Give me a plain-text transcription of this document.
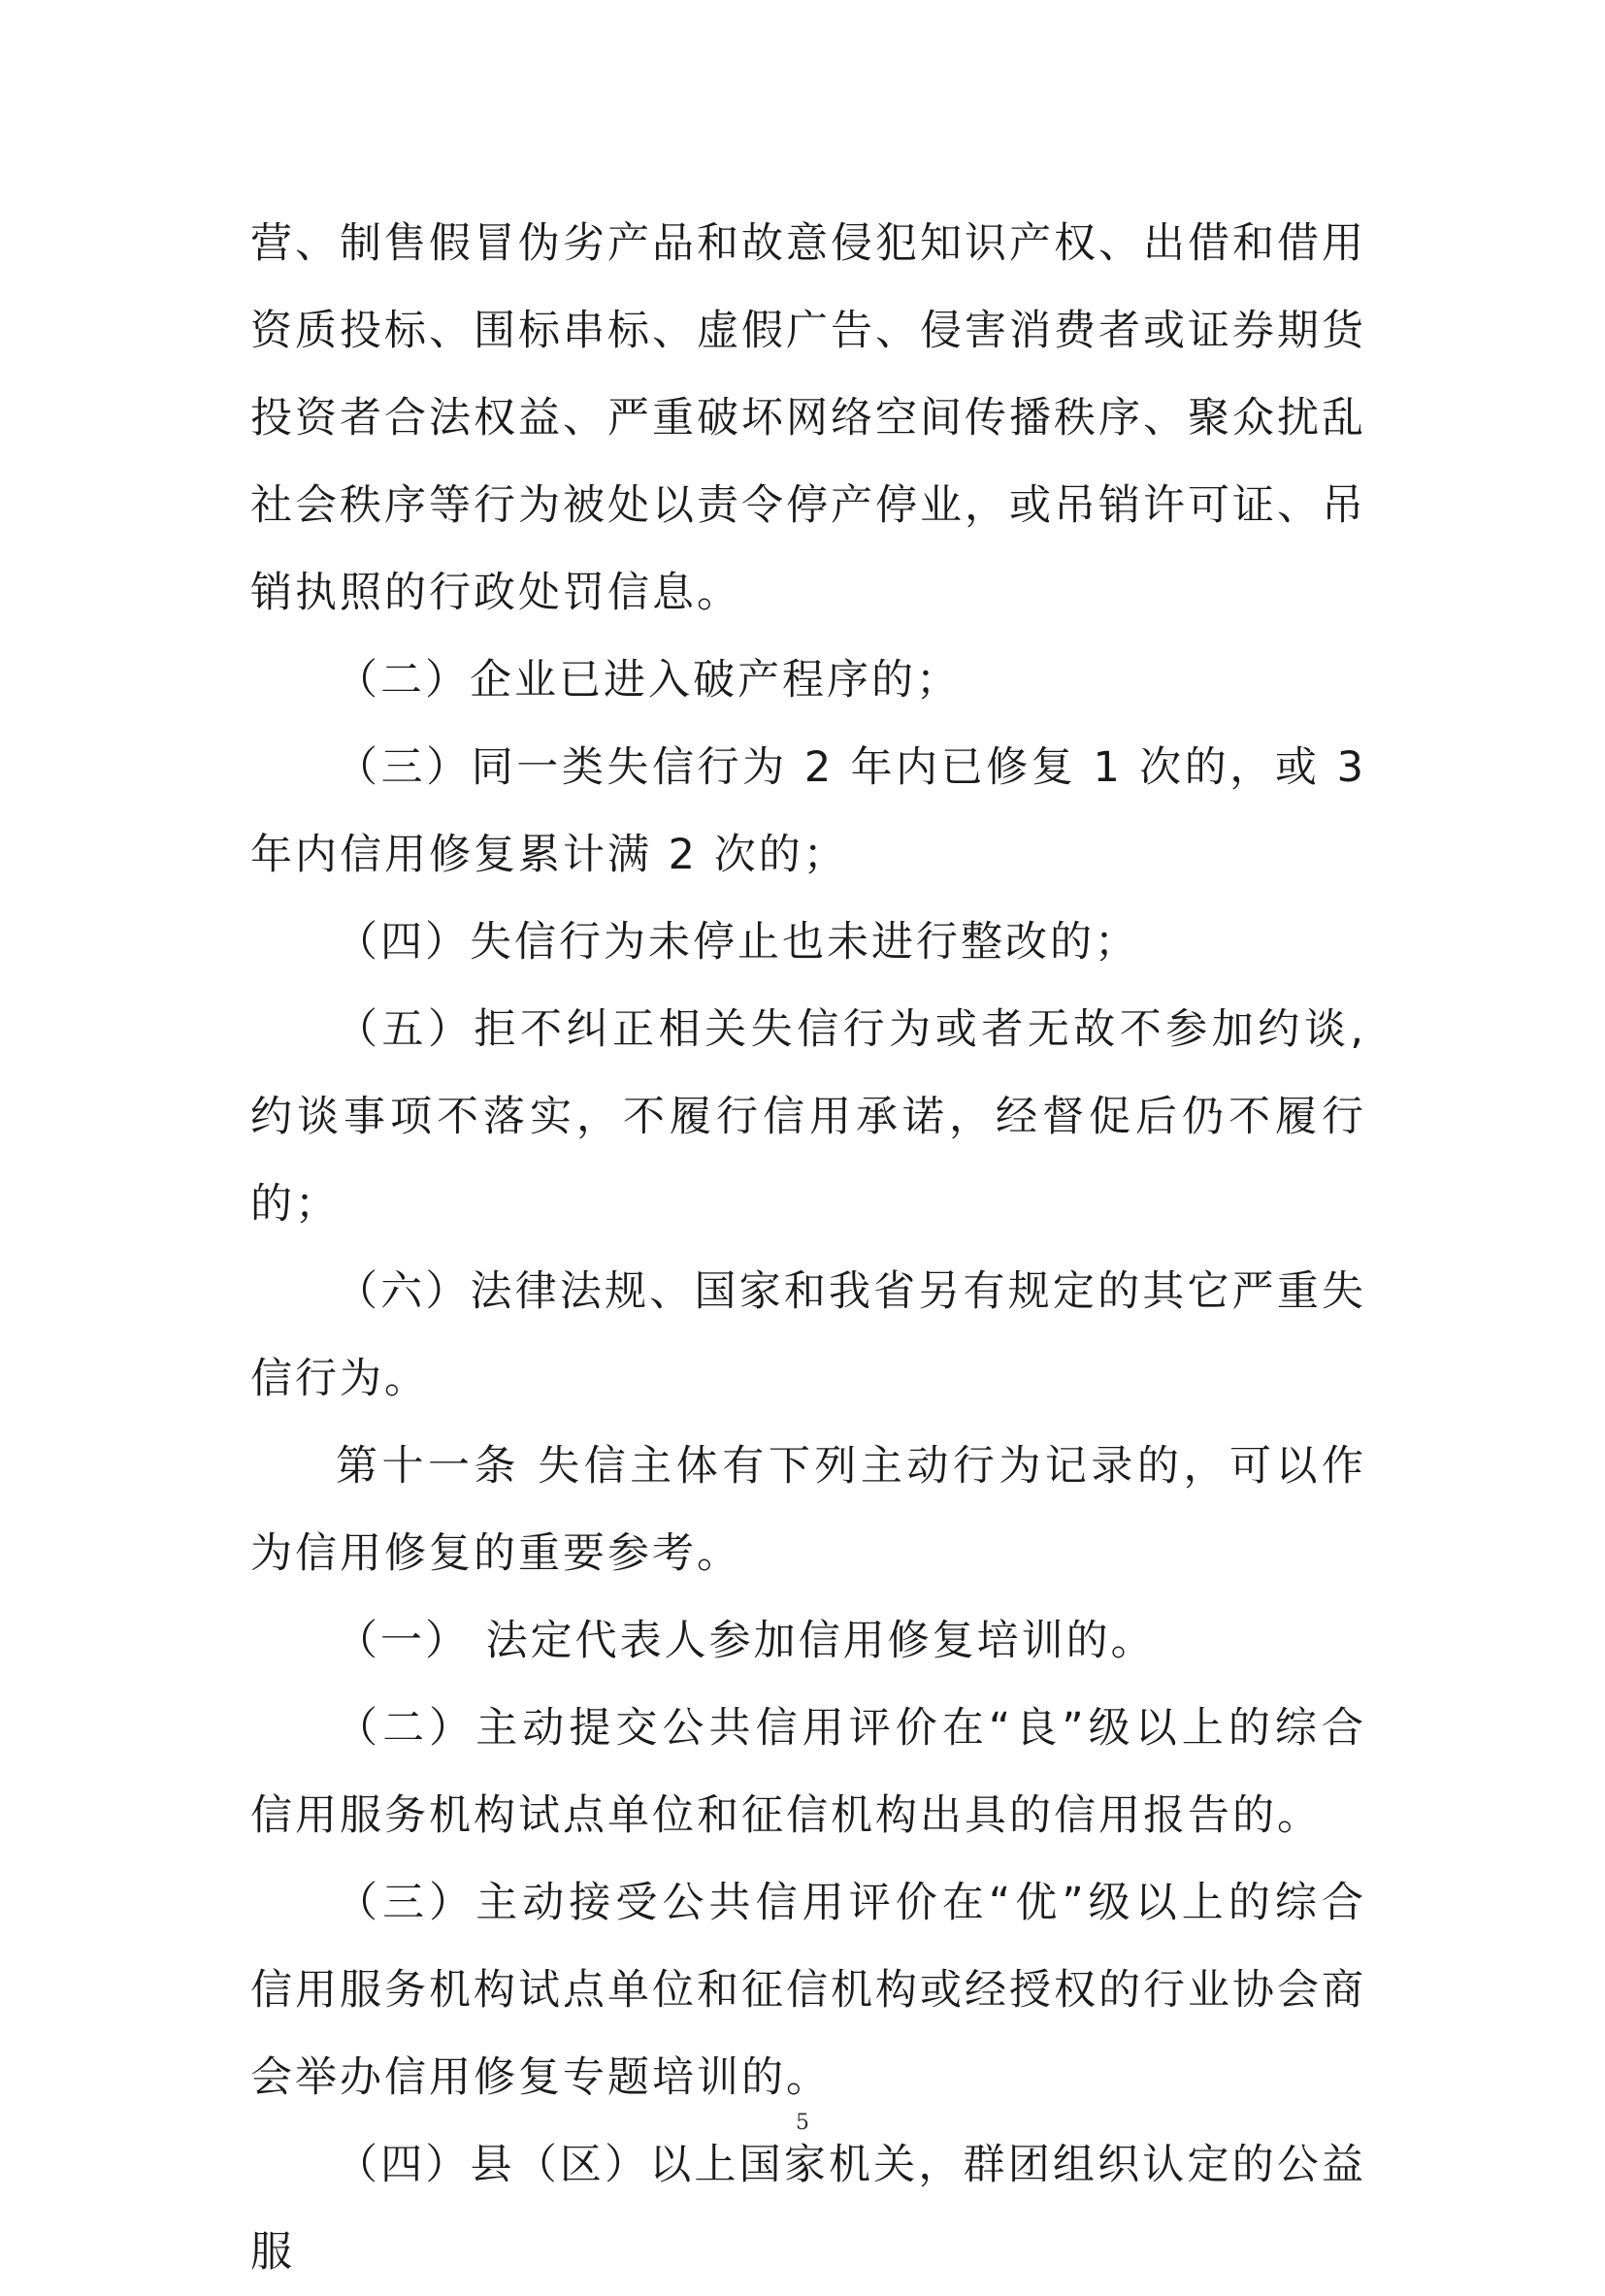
营、制售假冒伪劣产品和故意侵犯知识产权、出借和借用资质投标、围标串标、虚假广告、侵害消费者或证券期货投资者合法权益、严重破坏网络空间传播秩序、聚众扰乱社会秩序等行为被处以责令停产停业，或吊销许可证、吊销执照的行政处罚信息。

（二）企业已进入破产程序的；

（三）同一类失信行为 2 年内已修复 1 次的，或 3 年内信用修复累计满 2 次的；

（四）失信行为未停止也未进行整改的；

（五）拒不纠正相关失信行为或者无故不参加约谈,约谈事项不落实，不履行信用承诺，经督促后仍不履行的；

（六）法律法规、国家和我省另有规定的其它严重失信行为。

第十一条 失信主体有下列主动行为记录的，可以作为信用修复的重要参考。

（一） 法定代表人参加信用修复培训的。

（二）主动提交公共信用评价在“良”级以上的综合信用服务机构试点单位和征信机构出具的信用报告的。

（三）主动接受公共信用评价在“优”级以上的综合信用服务机构试点单位和征信机构或经授权的行业协会商会举办信用修复专题培训的。

（四）县（区）以上国家机关，群团组织认定的公益服

5
